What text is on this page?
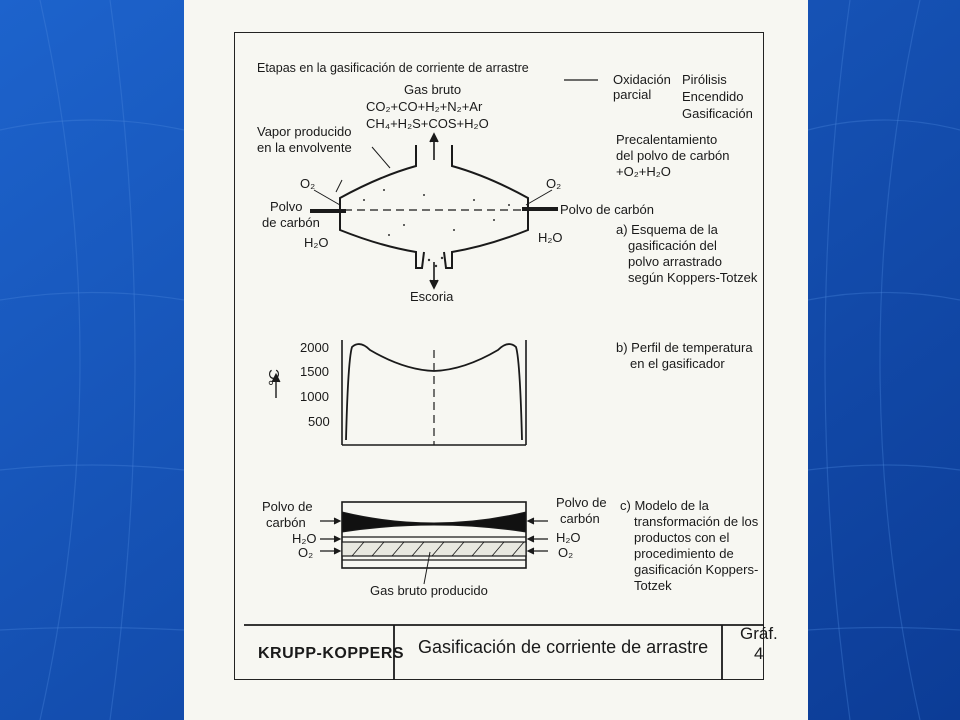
Etapas en la gasificación de corriente de arrastre
Gas bruto
CO₂+CO+H₂+N₂+Ar
CH₄+H₂S+COS+H₂O
Oxidación parcial
Pirólisis
Encendido
Gasificación
Precalentamiento
del polvo de carbón
+O₂+H₂O
Vapor producido
en la envolvente
O₂
Polvo
de carbón
H₂O
O₂
Polvo de carbón
H₂O
Escoria
a) Esquema de la
gasificación del
polvo arrastrado
según Koppers-Totzek
°C
2000
1500
1000
500
b) Perfil de temperatura
en el gasificador
Polvo de
carbón
H₂O
O₂
Polvo de
carbón
H₂O
O₂
Gas bruto producido
c) Modelo de la
transformación de los
productos con el
procedimiento de
gasificación Koppers-
Totzek
KRUPP-KOPPERS Gasificación de corriente de arrastre
Gráf.
4
